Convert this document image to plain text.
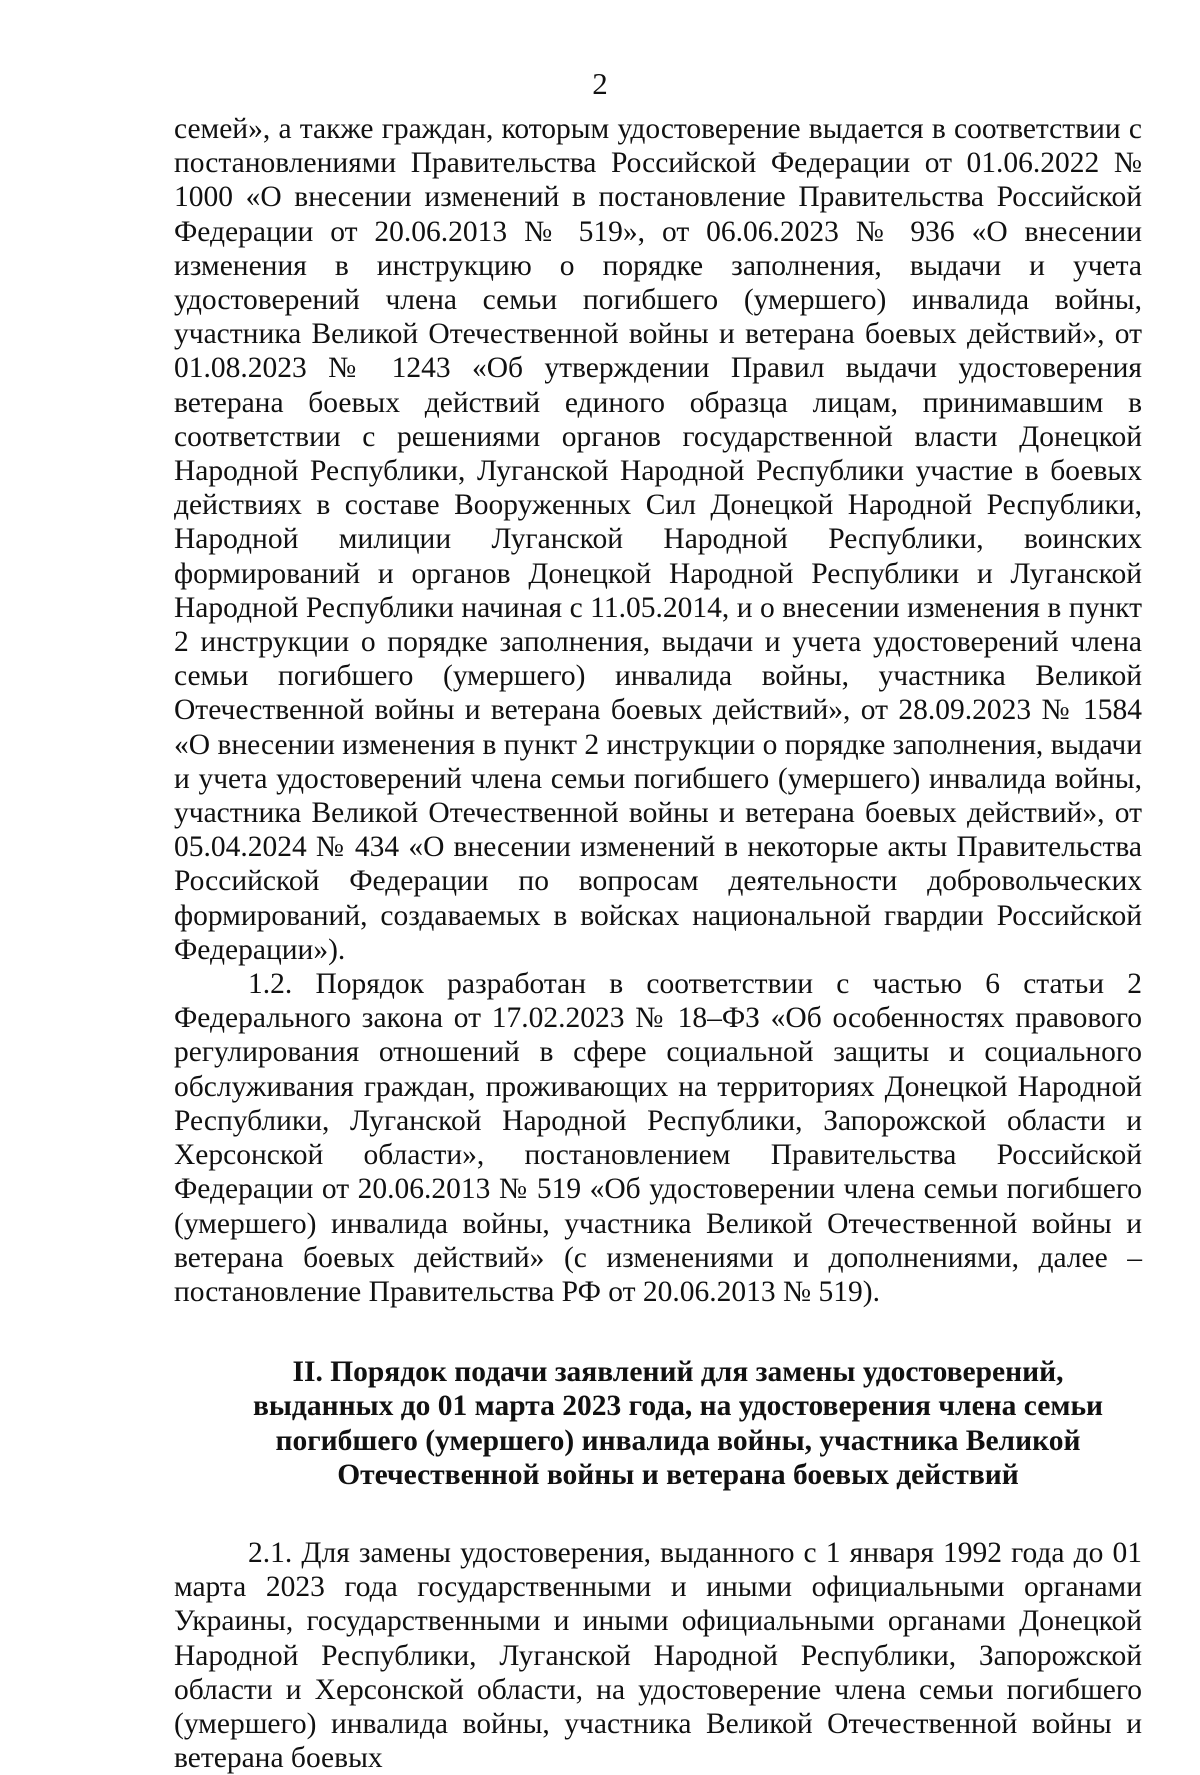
2

семей», а также граждан, которым удостоверение выдается в соответствии с постановлениями Правительства Российской Федерации от 01.06.2022 № 1000 «О внесении изменений в постановление Правительства Российской Федерации от 20.06.2013 № 519», от 06.06.2023 № 936 «О внесении изменения в инструкцию о порядке заполнения, выдачи и учета удостоверений члена семьи погибшего (умершего) инвалида войны, участника Великой Отечественной войны и ветерана боевых действий», от 01.08.2023 № 1243 «Об утверждении Правил выдачи удостоверения ветерана боевых действий единого образца лицам, принимавшим в соответствии с решениями органов государственной власти Донецкой Народной Республики, Луганской Народной Республики участие в боевых действиях в составе Вооруженных Сил Донецкой Народной Республики, Народной милиции Луганской Народной Республики, воинских формирований и органов Донецкой Народной Республики и Луганской Народной Республики начиная с 11.05.2014, и о внесении изменения в пункт 2 инструкции о порядке заполнения, выдачи и учета удостоверений члена семьи погибшего (умершего) инвалида войны, участника Великой Отечественной войны и ветерана боевых действий», от 28.09.2023 № 1584 «О внесении изменения в пункт 2 инструкции о порядке заполнения, выдачи и учета удостоверений члена семьи погибшего (умершего) инвалида войны, участника Великой Отечественной войны и ветерана боевых действий», от 05.04.2024 № 434 «О внесении изменений в некоторые акты Правительства Российской Федерации по вопросам деятельности добровольческих формирований, создаваемых в войсках национальной гвардии Российской Федерации»).

1.2. Порядок разработан в соответствии с частью 6 статьи 2 Федерального закона от 17.02.2023 № 18–ФЗ «Об особенностях правового регулирования отношений в сфере социальной защиты и социального обслуживания граждан, проживающих на территориях Донецкой Народной Республики, Луганской Народной Республики, Запорожской области и Херсонской области», постановлением Правительства Российской Федерации от 20.06.2013 № 519 «Об удостоверении члена семьи погибшего (умершего) инвалида войны, участника Великой Отечественной войны и ветерана боевых действий» (с изменениями и дополнениями, далее – постановление Правительства РФ от 20.06.2013 № 519).

II. Порядок подачи заявлений для замены удостоверений, выданных до 01 марта 2023 года, на удостоверения члена семьи погибшего (умершего) инвалида войны, участника Великой Отечественной войны и ветерана боевых действий

2.1. Для замены удостоверения, выданного с 1 января 1992 года до 01 марта 2023 года государственными и иными официальными органами Украины, государственными и иными официальными органами Донецкой Народной Республики, Луганской Народной Республики, Запорожской области и Херсонской области, на удостоверение члена семьи погибшего (умершего) инвалида войны, участника Великой Отечественной войны и ветерана боевых
